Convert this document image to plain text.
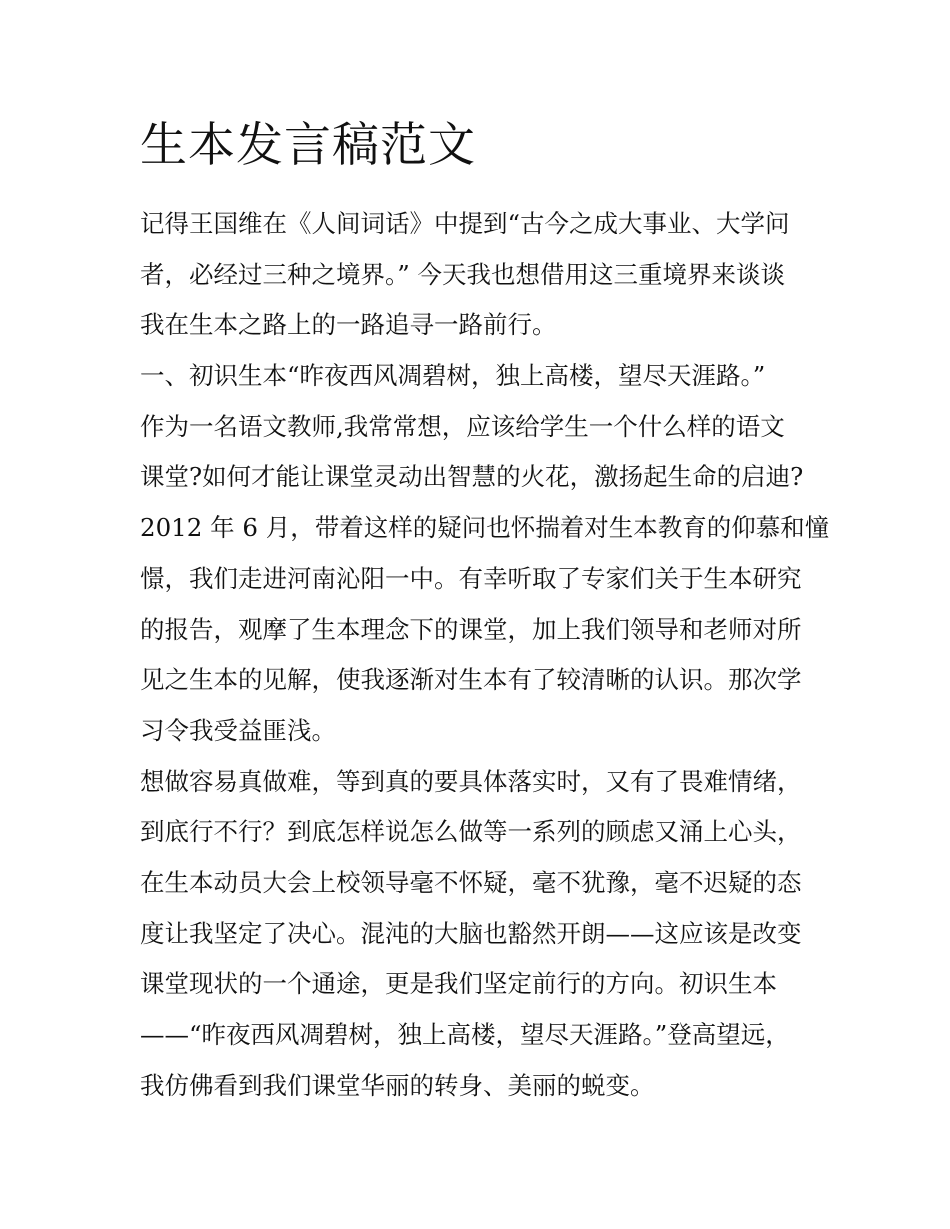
生本发言稿范文
记得王国维在《人间词话》中提到“古今之成大事业、大学问
者，必经过三种之境界。” 今天我也想借用这三重境界来谈谈
我在生本之路上的一路追寻一路前行。
一、初识生本“昨夜西风凋碧树，独上高楼，望尽天涯路。”
作为一名语文教师,我常常想，应该给学生一个什么样的语文
课堂?如何才能让课堂灵动出智慧的火花，激扬起生命的启迪?
2012 年 6 月，带着这样的疑问也怀揣着对生本教育的仰慕和憧
憬，我们走进河南沁阳一中。有幸听取了专家们关于生本研究
的报告，观摩了生本理念下的课堂，加上我们领导和老师对所
见之生本的见解，使我逐渐对生本有了较清晰的认识。那次学
习令我受益匪浅。
想做容易真做难，等到真的要具体落实时，又有了畏难情绪，
到底行不行？到底怎样说怎么做等一系列的顾虑又涌上心头，
在生本动员大会上校领导毫不怀疑，毫不犹豫，毫不迟疑的态
度让我坚定了决心。混沌的大脑也豁然开朗——这应该是改变
课堂现状的一个通途，更是我们坚定前行的方向。初识生本
——“昨夜西风凋碧树，独上高楼，望尽天涯路。”登高望远，
我仿佛看到我们课堂华丽的转身、美丽的蜕变。
